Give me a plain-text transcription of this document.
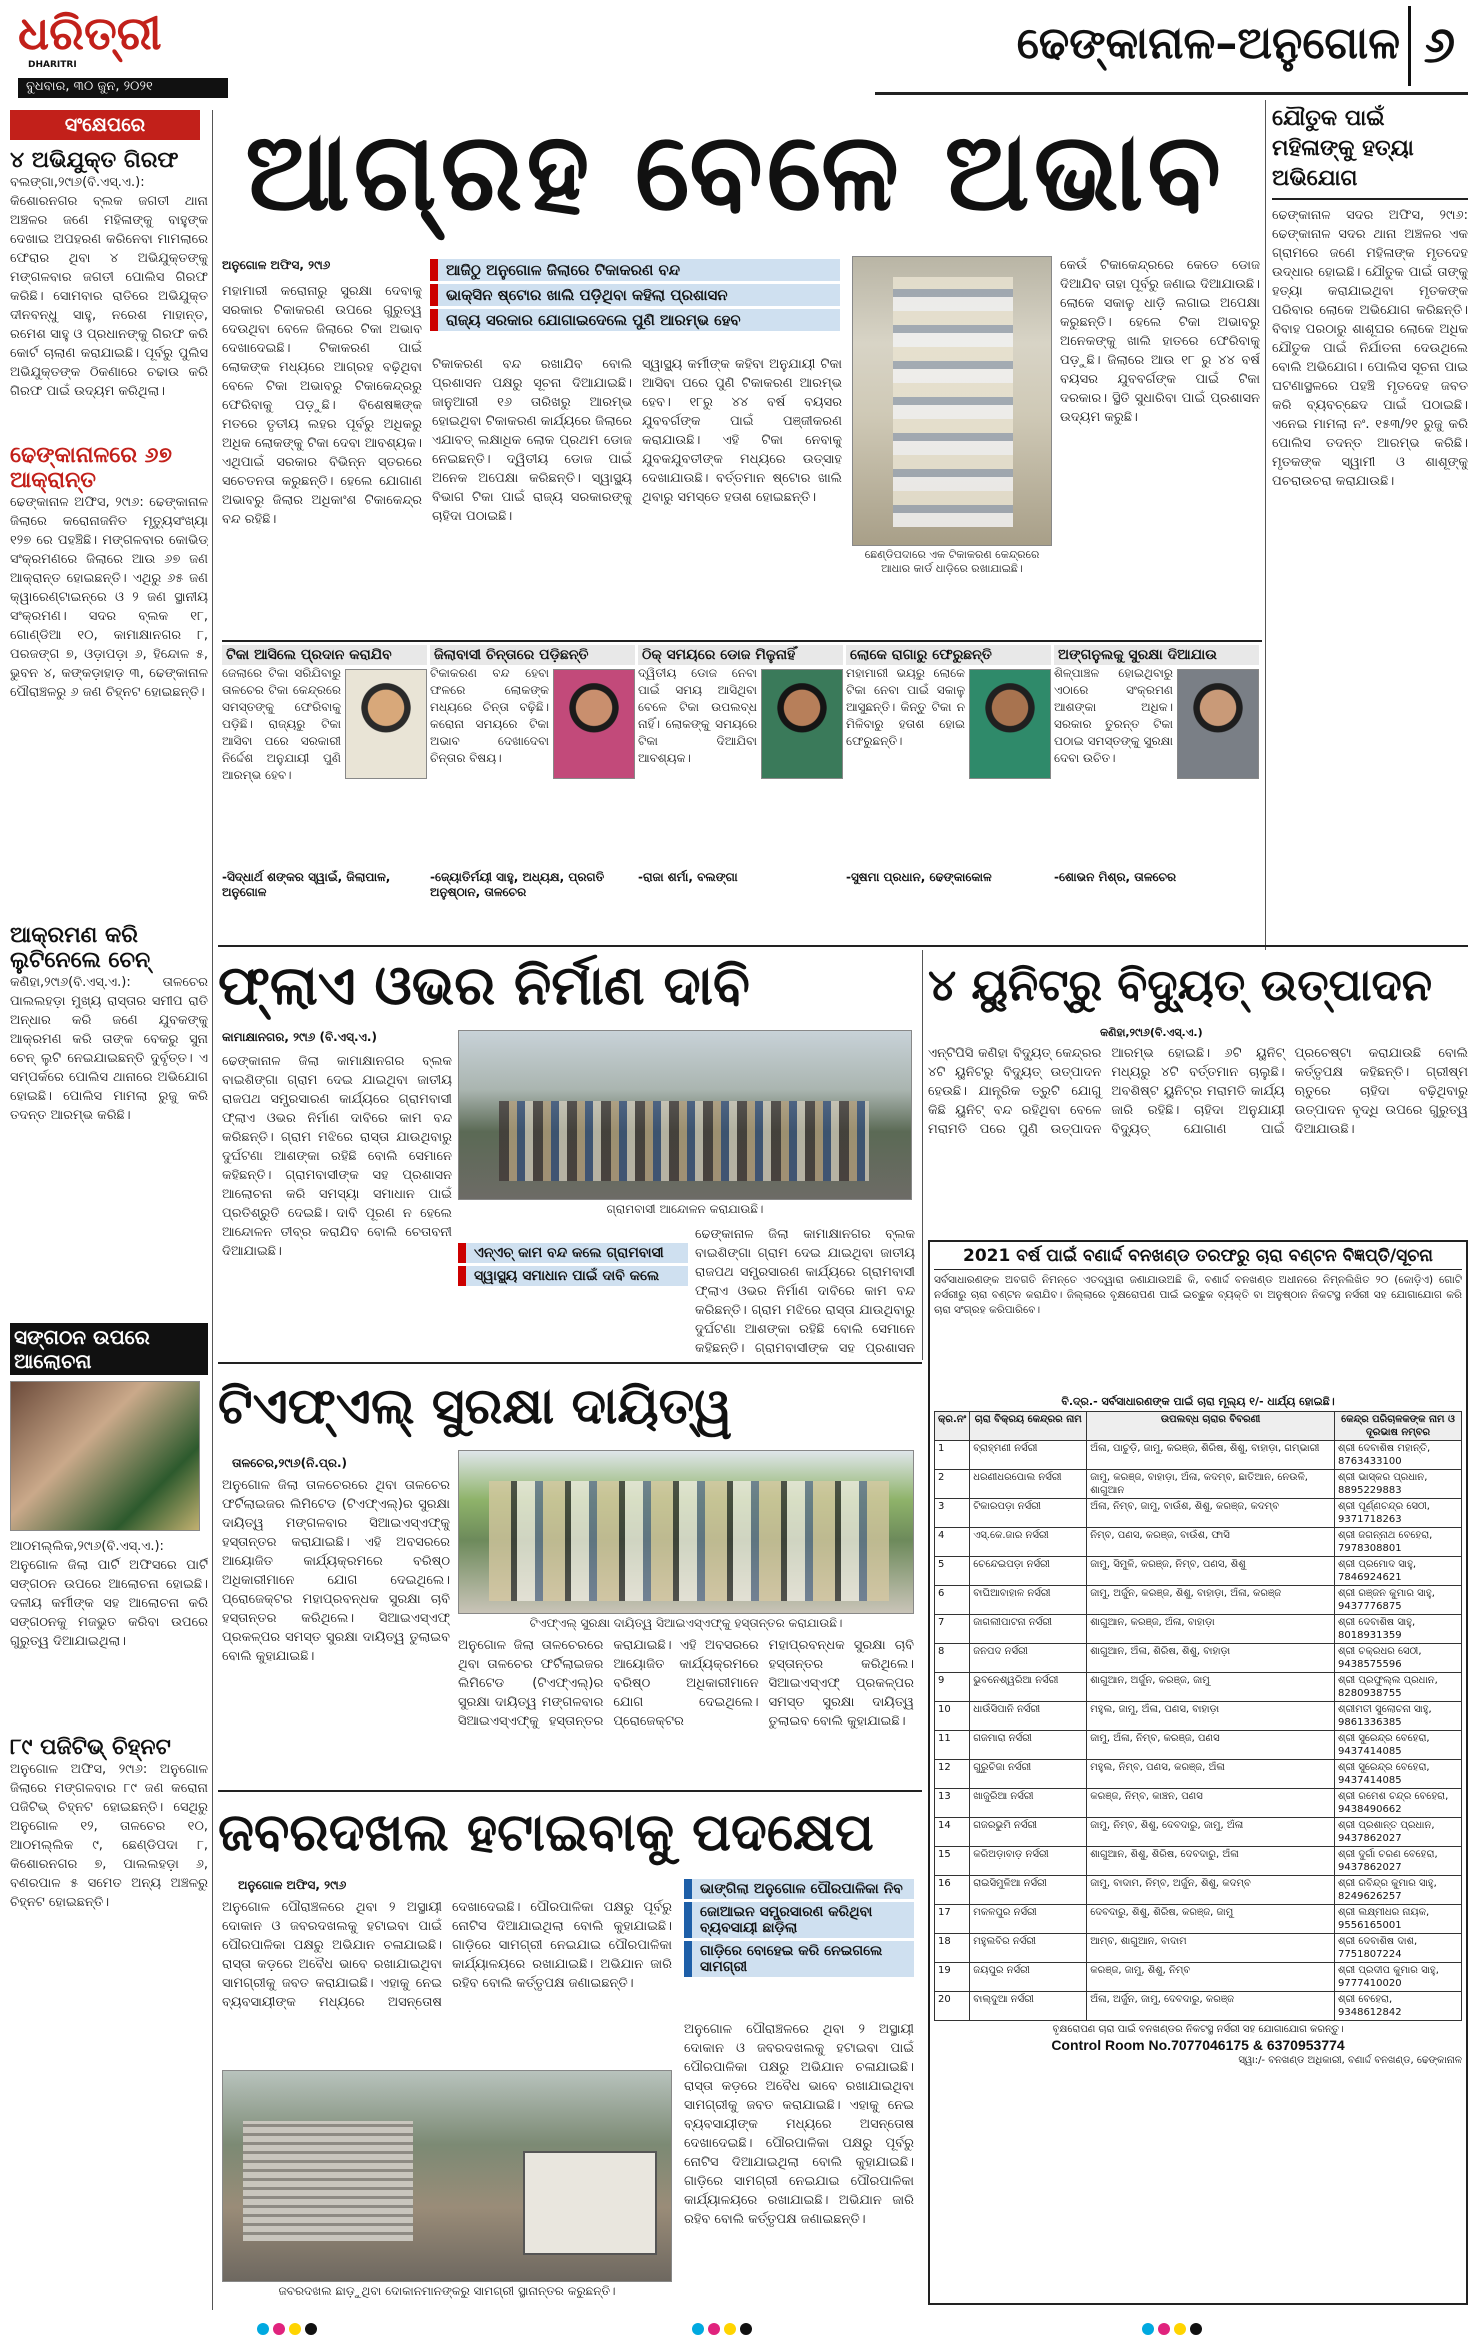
ଧରିତ୍ରୀ
DHARITRI
ବୁଧବାର, ୩୦ ଜୁନ, ୨୦୨୧
ଢେଙ୍କାନାଳ–ଅନୁଗୋଳ ୬
ସଂକ୍ଷେପରେ
୪ ଅଭିଯୁକ୍ତ ଗିରଫ
ବଲଙ୍ଗା,୨୯ା୬(ବି.ଏସ୍.ଏ.): କିଶୋରନଗର ବ୍ଲକ ଜଗତୀ ଥାନା ଅଞ୍ଚଳର ଜଣେ ମହିଳାଙ୍କୁ ବାହୁଙ୍କ ଦେଖାଇ ଅପହରଣ କରିନେବା ମାମଲାରେ ଫେରାର ଥିବା ୪ ଅଭିଯୁକ୍ତଙ୍କୁ ମଙ୍ଗଳବାର ଜଗତୀ ପୋଲିସ ଗିରଫ କରିଛି। ସୋମବାର ରାତିରେ ଅଭିଯୁକ୍ତ ଦୀନବନ୍ଧୁ ସାହୁ, ନରେଶ ମାହାନ୍ତ, ରମେଶ ସାହୁ ଓ ପ୍ରଧାନଙ୍କୁ ଗିରଫ କରି କୋର୍ଟ ଚାଲାଣ କରାଯାଇଛି। ପୂର୍ବରୁ ପୁଲିସ ଅଭିଯୁକ୍ତଙ୍କ ଠିକଣାରେ ଚଢାଉ କରି ଗିରଫ ପାଇଁ ଉଦ୍ୟମ କରିଥିଲା।
ଢେଙ୍କାନାଳରେ ୬୭ ଆକ୍ରାନ୍ତ
ଢେଙ୍କାନାଳ ଅଫିସ, ୨୯ା୬: ଢେଙ୍କାନାଳ ଜିଲାରେ କରୋନାଜନିତ ମୃତ୍ୟୁସଂଖ୍ୟା ୧୨୭ ରେ ପହଞ୍ଚିଛି। ମଙ୍ଗଳବାର କୋଭିଡ୍ ସଂକ୍ରମଣରେ ଜିଲାରେ ଆଉ ୬୭ ଜଣ ଆକ୍ରାନ୍ତ ହୋଇଛନ୍ତି। ଏଥିରୁ ୬୫ ଜଣ କ୍ୱାରେଣ୍ଟାଇନ୍‌ରେ ଓ ୨ ଜଣ ସ୍ଥାନୀୟ ସଂକ୍ରମଣ। ସଦର ବ୍ଲକ ୧୮, ଗୋଣ୍ଡିଆ ୧୦, କାମାକ୍ଷାନଗର ୮, ପରଜଙ୍ଗ ୭, ଓଡ଼ାପଡ଼ା ୬, ହିନ୍ଦୋଳ ୫, ଭୁବନ ୪, କଙ୍କଡ଼ାହାଡ଼ ୩, ଢେଙ୍କାନାଳ ପୌରାଞ୍ଚଳରୁ ୬ ଜଣ ଚିହ୍ନଟ ହୋଇଛନ୍ତି।
ଆକ୍ରମଣ କରି ଲୁଟିନେଲେ ଚେନ୍
କଣିହା,୨୯ା୬(ବି.ଏସ୍.ଏ.): ତାଳଚେର ପାଲଲହଡ଼ା ମୁଖ୍ୟ ରାସ୍ତାର ସମୀପ ରାତି ଅନ୍ଧାର କରି ଜଣେ ଯୁବକଙ୍କୁ ଆକ୍ରମଣ କରି ତାଙ୍କ ବେକରୁ ସୁନା ଚେନ୍ ଲୁଟି ନେଇଯାଇଛନ୍ତି ଦୁର୍ବୃତ୍ତ। ଏ ସମ୍ପର୍କରେ ପୋଲିସ ଥାନାରେ ଅଭିଯୋଗ ହୋଇଛି। ପୋଲିସ ମାମଲା ରୁଜୁ କରି ତଦନ୍ତ ଆରମ୍ଭ କରିଛି।
ସଙ୍ଗଠନ ଉପରେ ଆଲୋଚନା
ଆଠମଲ୍ଲିକ,୨୯ା୬(ବି.ଏସ୍.ଏ.): ଅନୁଗୋଳ ଜିଲା ପାର୍ଟି ଅଫିସରେ ପାର୍ଟି ସଙ୍ଗଠନ ଉପରେ ଆଲୋଚନା ହୋଇଛି। ଦଳୀୟ କର୍ମୀଙ୍କ ସହ ଆଲୋଚନା କରି ସଙ୍ଗଠନକୁ ମଜଭୁତ କରିବା ଉପରେ ଗୁରୁତ୍ୱ ଦିଆଯାଇଥିଲା।
୮୯ ପଜିଟିଭ୍ ଚିହ୍ନଟ
ଅନୁଗୋଳ ଅଫିସ, ୨୯ା୬: ଅନୁଗୋଳ ଜିଲାରେ ମଙ୍ଗଳବାର ୮୯ ଜଣ କରୋନା ପଜିଟିଭ୍ ଚିହ୍ନଟ ହୋଇଛନ୍ତି। ସେଥିରୁ ଅନୁଗୋଳ ୧୨, ତାଳଚେର ୧୦, ଆଠମଲ୍ଲିକ ୯, ଛେଣ୍ଡିପଦା ୮, କିଶୋରନଗର ୭, ପାଲଲହଡ଼ା ୬, ବଣରପାଳ ୫ ସମେତ ଅନ୍ୟ ଅଞ୍ଚଳରୁ ଚିହ୍ନଟ ହୋଇଛନ୍ତି।
ଆଗ୍ରହ ବେଳେ ଅଭାବ
ଅନୁଗୋଳ ଅଫିସ, ୨୯ା୬	ଆଜିଠୁ ଅନୁଗୋଳ ଜିଲାରେ ଟିକାକରଣ ବନ୍ଦ
ଭାକ୍ସିନ ଷ୍ଟୋର ଖାଲି ପଡ଼ିଥିବା କହିଲା ପ୍ରଶାସନ
ରାଜ୍ୟ ସରକାର ଯୋଗାଇଦେଲେ ପୁଣି ଆରମ୍ଭ ହେବ
ମହାମାରୀ କରୋନାରୁ ସୁରକ୍ଷା ଦେବାକୁ ସରକାର ଟିକାକରଣ ଉପରେ ଗୁରୁତ୍ୱ ଦେଉଥିବା ବେଳେ ଜିଲାରେ ଟିକା ଅଭାବ ଦେଖାଦେଇଛି। ଟିକାକରଣ ପାଇଁ ଲୋକଙ୍କ ମଧ୍ୟରେ ଆଗ୍ରହ ବଢ଼ିଥିବା ବେଳେ ଟିକା ଅଭାବରୁ ଟିକାକେନ୍ଦ୍ରରୁ ଫେରିବାକୁ ପଡ଼ୁଛି। ବିଶେଷଜ୍ଞଙ୍କ ମତରେ ତୃତୀୟ ଲହର ପୂର୍ବରୁ ଅଧିକରୁ ଅଧିକ ଲୋକଙ୍କୁ ଟିକା ଦେବା ଆବଶ୍ୟକ। ଏଥିପାଇଁ ସରକାର ବିଭିନ୍ନ ସ୍ତରରେ ସଚେତନତା କରୁଛନ୍ତି। ହେଲେ ଯୋଗାଣ ଅଭାବରୁ ଜିଲାର ଅଧିକାଂଶ ଟିକାକେନ୍ଦ୍ର ବନ୍ଦ ରହିଛି।
ଟିକାକରଣ ବନ୍ଦ ରଖାଯିବ ବୋଲି ପ୍ରଶାସନ ପକ୍ଷରୁ ସୂଚନା ଦିଆଯାଇଛି। ଜାନୁଆରୀ ୧୬ ତାରିଖରୁ ଆରମ୍ଭ ହୋଇଥିବା ଟିକାକରଣ କାର୍ଯ୍ୟରେ ଜିଲାରେ ଏଯାବତ୍ ଲକ୍ଷାଧିକ ଲୋକ ପ୍ରଥମ ଡୋଜ ନେଇଛନ୍ତି। ଦ୍ୱିତୀୟ ଡୋଜ ପାଇଁ ଅନେକ ଅପେକ୍ଷା କରିଛନ୍ତି। ସ୍ୱାସ୍ଥ୍ୟ ବିଭାଗ ଟିକା ପାଇଁ ରାଜ୍ୟ ସରକାରଙ୍କୁ ଚାହିଦା ପଠାଇଛି।
ସ୍ୱାସ୍ଥ୍ୟ କର୍ମୀଙ୍କ କହିବା ଅନୁଯାୟୀ ଟିକା ଆସିବା ପରେ ପୁଣି ଟିକାକରଣ ଆରମ୍ଭ ହେବ। ୧୮ରୁ ୪୪ ବର୍ଷ ବୟସର ଯୁବବର୍ଗଙ୍କ ପାଇଁ ପଞ୍ଜୀକରଣ କରାଯାଉଛି। ଏହି ଟିକା ନେବାକୁ ଯୁବକଯୁବତୀଙ୍କ ମଧ୍ୟରେ ଉତ୍ସାହ ଦେଖାଯାଉଛି। ବର୍ତ୍ତମାନ ଷ୍ଟୋର ଖାଲି ଥିବାରୁ ସମସ୍ତେ ହତାଶ ହୋଇଛନ୍ତି।
ଛେଣ୍ଡିପଦାରେ ଏକ ଟିକାକରଣ କେନ୍ଦ୍ରରେ ଆଧାର କାର୍ଡ ଧାଡ଼ିରେ ରଖାଯାଇଛି।
କେଉଁ ଟିକାକେନ୍ଦ୍ରରେ କେତେ ଡୋଜ ଦିଆଯିବ ତାହା ପୂର୍ବରୁ ଜଣାଇ ଦିଆଯାଉଛି। ଲୋକେ ସକାଳୁ ଧାଡ଼ି ଲଗାଇ ଅପେକ୍ଷା କରୁଛନ୍ତି। ହେଲେ ଟିକା ଅଭାବରୁ ଅନେକଙ୍କୁ ଖାଲି ହାତରେ ଫେରିବାକୁ ପଡ଼ୁଛି। ଜିଲାରେ ଆଉ ୧୮ ରୁ ୪୪ ବର୍ଷ ବୟସର ଯୁବବର୍ଗଙ୍କ ପାଇଁ ଟିକା ଦରକାର। ସ୍ଥିତି ସୁଧାରିବା ପାଇଁ ପ୍ରଶାସନ ଉଦ୍ୟମ କରୁଛି।
ଟିକା ଆସିଲେ ପ୍ରଦାନ କରାଯିବ
ଜେଲାରେ ଟିକା ସରିଯିବାରୁ ତାଳଚେର ଟିକା କେନ୍ଦ୍ରରେ ସମସ୍ତଙ୍କୁ ଫେରିବାକୁ ପଡ଼ିଛି। ରାଜ୍ୟରୁ ଟିକା ଆସିବା ପରେ ସରକାରୀ ନିର୍ଦ୍ଦେଶ ଅନୁଯାୟୀ ପୁଣି ଆରମ୍ଭ ହେବ।
-ସିଦ୍ଧାର୍ଥ ଶଙ୍କର ସ୍ୱାଇଁ, ଜିଲାପାଳ, ଅନୁଗୋଳ
ଜିଲାବାସୀ ଚିନ୍ତାରେ ପଡ଼ିଛନ୍ତି
ଟିକାକରଣ ବନ୍ଦ ହେବା ଫଳରେ ଲୋକଙ୍କ ମଧ୍ୟରେ ଚିନ୍ତା ବଢ଼ିଛି। କରୋନା ସମୟରେ ଟିକା ଅଭାବ ଦେଖାଦେବା ଚିନ୍ତାର ବିଷୟ।
-ଜ୍ୟୋତିର୍ମୟୀ ସାହୁ, ଅଧ୍ୟକ୍ଷ, ପ୍ରଗତି ଅନୁଷ୍ଠାନ, ତାଳଚେର
ଠିକ୍ ସମୟରେ ଡୋଜ ମିଳୁନାହିଁ
ଦ୍ୱିତୀୟ ଡୋଜ ନେବା ପାଇଁ ସମୟ ଆସିଥିବା ବେଳେ ଟିକା ଉପଲବ୍ଧ ନାହିଁ। ଲୋକଙ୍କୁ ସମୟରେ ଟିକା ଦିଆଯିବା ଆବଶ୍ୟକ।
-ରାଜା ଶର୍ମା, ବଲଙ୍ଗା
ଲୋକେ ରାଗାରୁ ଫେରୁଛନ୍ତି
ମହାମାରୀ ଭୟରୁ ଲୋକେ ଟିକା ନେବା ପାଇଁ ସକାଳୁ ଆସୁଛନ୍ତି। କିନ୍ତୁ ଟିକା ନ ମିଳିବାରୁ ହତାଶ ହୋଇ ଫେରୁଛନ୍ତି।
-ସୁଷମା ପ୍ରଧାନ, ଢେଙ୍କାକୋଳ
ଅଙ୍ଗନୁଲକୁ ସୁରକ୍ଷା ଦିଆଯାଉ
ଶିଳ୍ପାଞ୍ଚଳ ହୋଇଥିବାରୁ ଏଠାରେ ସଂକ୍ରମଣ ଆଶଙ୍କା ଅଧିକ। ସରକାର ତୁରନ୍ତ ଟିକା ପଠାଇ ସମସ୍ତଙ୍କୁ ସୁରକ୍ଷା ଦେବା ଉଚିତ।
-ଶୋଭନ ମିଶ୍ର, ତାଳଚେର
ଯୌତୁକ ପାଇଁ ମହିଳାଙ୍କୁ ହତ୍ୟା ଅଭିଯୋଗ
ଢେଙ୍କାନାଳ ସଦର ଅଫିସ, ୨୯ା୬: ଢେଙ୍କାନାଳ ସଦର ଥାନା ଅଞ୍ଚଳର ଏକ ଗ୍ରାମରେ ଜଣେ ମହିଳାଙ୍କ ମୃତଦେହ ଉଦ୍ଧାର ହୋଇଛି। ଯୌତୁକ ପାଇଁ ତାଙ୍କୁ ହତ୍ୟା କରାଯାଇଥିବା ମୃତକଙ୍କ ପରିବାର ଲୋକେ ଅଭିଯୋଗ କରିଛନ୍ତି। ବିବାହ ପରଠାରୁ ଶାଶୂଘର ଲୋକେ ଅଧିକ ଯୌତୁକ ପାଇଁ ନିର୍ଯାତନା ଦେଉଥିଲେ ବୋଲି ଅଭିଯୋଗ। ପୋଲିସ ସୂଚନା ପାଇ ଘଟଣାସ୍ଥଳରେ ପହଞ୍ଚି ମୃତଦେହ ଜବତ କରି ବ୍ୟବଚ୍ଛେଦ ପାଇଁ ପଠାଇଛି। ଏନେଇ ମାମଲା ନଂ. ୧୫୩/୨୧ ରୁଜୁ କରି ପୋଲିସ ତଦନ୍ତ ଆରମ୍ଭ କରିଛି। ମୃତକଙ୍କ ସ୍ୱାମୀ ଓ ଶାଶୂଙ୍କୁ ପଚରାଉଚରା କରାଯାଉଛି।
ଫ୍ଲାଏ ଓଭର ନିର୍ମାଣ ଦାବି
କାମାକ୍ଷାନଗର, ୨୯ା୬ (ବି.ଏସ୍.ଏ.)
ଢେଙ୍କାନାଳ ଜିଲା କାମାକ୍ଷାନଗର ବ୍ଲକ ବାଇଶିଙ୍ଗା ଗ୍ରାମ ଦେଇ ଯାଇଥିବା ଜାତୀୟ ରାଜପଥ ସମ୍ପ୍ରସାରଣ କାର୍ଯ୍ୟରେ ଗ୍ରାମବାସୀ ଫ୍ଲାଏ ଓଭର ନିର୍ମାଣ ଦାବିରେ କାମ ବନ୍ଦ କରିଛନ୍ତି। ଗ୍ରାମ ମଝିରେ ରାସ୍ତା ଯାଉଥିବାରୁ ଦୁର୍ଘଟଣା ଆଶଙ୍କା ରହିଛି ବୋଲି ସେମାନେ କହିଛନ୍ତି। ଗ୍ରାମବାସୀଙ୍କ ସହ ପ୍ରଶାସନ ଆଲୋଚନା କରି ସମସ୍ୟା ସମାଧାନ ପାଇଁ ପ୍ରତିଶ୍ରୁତି ଦେଇଛି। ଦାବି ପୂରଣ ନ ହେଲେ ଆନ୍ଦୋଳନ ତୀବ୍ର କରାଯିବ ବୋଲି ଚେତାବନୀ ଦିଆଯାଇଛି।
ଗ୍ରାମବାସୀ ଆନ୍ଦୋଳନ କରାଯାଉଛି।
ଏନ୍‌ଏଚ୍ କାମ ବନ୍ଦ କଲେ ଗ୍ରାମବାସୀ
ସ୍ୱାସ୍ଥ୍ୟ ସମାଧାନ ପାଇଁ ଦାବି କଲେ
ଢେଙ୍କାନାଳ ଜିଲା କାମାକ୍ଷାନଗର ବ୍ଲକ ବାଇଶିଙ୍ଗା ଗ୍ରାମ ଦେଇ ଯାଇଥିବା ଜାତୀୟ ରାଜପଥ ସମ୍ପ୍ରସାରଣ କାର୍ଯ୍ୟରେ ଗ୍ରାମବାସୀ ଫ୍ଲାଏ ଓଭର ନିର୍ମାଣ ଦାବିରେ କାମ ବନ୍ଦ କରିଛନ୍ତି। ଗ୍ରାମ ମଝିରେ ରାସ୍ତା ଯାଉଥିବାରୁ ଦୁର୍ଘଟଣା ଆଶଙ୍କା ରହିଛି ବୋଲି ସେମାନେ କହିଛନ୍ତି। ଗ୍ରାମବାସୀଙ୍କ ସହ ପ୍ରଶାସନ
୪ ୟୁନିଟ୍‌ରୁ ବିଦ୍ୟୁତ୍ ଉତ୍ପାଦନ
କଣିହା,୨୯ା୬(ବି.ଏସ୍.ଏ.)
ଏନ୍‌ଟିପିସି କଣିହା ବିଦ୍ୟୁତ୍ କେନ୍ଦ୍ରର ୪ଟି ୟୁନିଟରୁ ବିଦ୍ୟୁତ୍ ଉତ୍ପାଦନ ହେଉଛି। ଯାନ୍ତ୍ରିକ ତ୍ରୁଟି ଯୋଗୁ କିଛି ୟୁନିଟ୍ ବନ୍ଦ ରହିଥିବା ବେଳେ ମରାମତି ପରେ ପୁଣି ଉତ୍ପାଦନ ଆରମ୍ଭ ହୋଇଛି। ୬ଟି ୟୁନିଟ୍ ମଧ୍ୟରୁ ୪ଟି ବର୍ତ୍ତମାନ ଚାଲୁଛି। ଅବଶିଷ୍ଟ ୟୁନିଟ୍‌ର ମରାମତି କାର୍ଯ୍ୟ ଜାରି ରହିଛି। ଚାହିଦା ଅନୁଯାୟୀ ବିଦ୍ୟୁତ୍ ଯୋଗାଣ ପାଇଁ ପ୍ରଚେଷ୍ଟା କରାଯାଉଛି ବୋଲି କର୍ତ୍ତୃପକ୍ଷ କହିଛନ୍ତି। ଗ୍ରୀଷ୍ମ ଋତୁରେ ଚାହିଦା ବଢ଼ିଥିବାରୁ ଉତ୍ପାଦନ ବୃଦ୍ଧି ଉପରେ ଗୁରୁତ୍ୱ ଦିଆଯାଉଛି।
2021 ବର୍ଷ ପାଇଁ ବଣାର୍ଦ୍ଦ ବନଖଣ୍ଡ ତରଫରୁ ଚାରା ବଣ୍ଟନ ବିଜ୍ଞପ୍ତି/ସୂଚନା
ସର୍ବସାଧାରଣଙ୍କ ଅବଗତି ନିମନ୍ତେ ଏତଦ୍ୱାରା ଜଣାଯାଉଅଛି କି, ବଣାର୍ଦ୍ଦ ବନଖଣ୍ଡ ଅଧୀନରେ ନିମ୍ନଲିଖିତ ୨୦ (କୋଡ଼ିଏ) ଗୋଟି ନର୍ସରୀରୁ ଚାରା ବଣ୍ଟନ କରାଯିବ। ଜିଲ୍ଲାରେ ବୃକ୍ଷରୋପଣ ପାଇଁ ଇଚ୍ଛୁକ ବ୍ୟକ୍ତି ବା ଅନୁଷ୍ଠାନ ନିକଟସ୍ଥ ନର୍ସରୀ ସହ ଯୋଗାଯୋଗ କରି ଚାରା ସଂଗ୍ରହ କରିପାରିବେ।
ବି.ଦ୍ର.- ସର୍ବସାଧାରଣଙ୍କ ପାଇଁ ଚାରା ମୂଲ୍ୟ ୧/- ଧାର୍ଯ୍ୟ ହୋଇଛି।
କ୍ର.ନଂ	ଚାରା ବିକ୍ରୟ କେନ୍ଦ୍ରର ନାମ	ଉପଲବ୍ଧ ଚାରାର ବିବରଣୀ	କେନ୍ଦ୍ର ପରିଚାଳକଙ୍କ ନାମ ଓ ଦୂରଭାଷ ନମ୍ବର
1	ବ୍ରାହ୍ମଣୀ ନର୍ସରୀ	ଅଁଳା, ପାଚୁଡ଼ି, ଜାମୁ, କରଞ୍ଜ, ଶିରିଷ, ଶିଶୁ, ବାହାଡ଼ା, ଗମ୍ଭାରୀ	ଶ୍ରୀ ଦେବାଶିଷ ମହାନ୍ତି, 8763433100
2	ଧରଣୀଧରପୋଲ ନର୍ସରୀ	ଜାମୁ, କରଞ୍ଜ, ବାହାଡ଼ା, ଅଁଳା, କଦମ୍ବ, ଛାତିଆନ, ନେଉଳି, ଶାଗୁଆନ	ଶ୍ରୀ ଭାସ୍କର ପ୍ରଧାନ, 8895229883
3	ଟିକାରପଡ଼ା ନର୍ସରୀ	ଅଁଳା, ନିମ୍ବ, ଜାମୁ, ବାଉଁଶ, ଶିଶୁ, କରଞ୍ଜ, କଦମ୍ବ	ଶ୍ରୀ ପୂର୍ଣ୍ଣଚନ୍ଦ୍ର ସେଠୀ, 9371718263
4	ଏସ୍.କେ.ଜାର ନର୍ସରୀ	ନିମ୍ବ, ପଣସ, କରଞ୍ଜ, ବାଉଁଶ, ଫାସି	ଶ୍ରୀ ଜଗନ୍ନାଥ ବେହେରା, 7978308801
5	ଚେନ୍ଦେଇପଡ଼ା ନର୍ସରୀ	ଜାମୁ, ସିମୁଳି, କରଞ୍ଜ, ନିମ୍ବ, ପଣସ, ଶିଶୁ	ଶ୍ରୀ ପ୍ରମୋଦ ସାହୁ, 7846924621
6	ବାଘିଆବାହାଳ ନର୍ସରୀ	ଜାମୁ, ଅର୍ଜୁନ, କରଞ୍ଜ, ଶିଶୁ, ବାହାଡ଼ା, ଅଁଳା, କରଞ୍ଜ	ଶ୍ରୀ ରଞ୍ଜନ କୁମାର ସାହୁ, 9437776875
7	ଜାଗଲୀପାଟନା ନର୍ସରୀ	ଶାଗୁଆନ, କରଞ୍ଜ, ଅଁଳା, ବାହାଡ଼ା	ଶ୍ରୀ ଦେବାଶିଷ ସାହୁ, 8018931359
8	ଜନପଦ ନର୍ସରୀ	ଶାଗୁଆନ, ଅଁଳା, ଶିରିଷ, ଶିଶୁ, ବାହାଡ଼ା	ଶ୍ରୀ ଚକ୍ରଧର ସେଠୀ, 9438575596
9	ଭୁବନେଶ୍ୱରିଆ ନର୍ସରୀ	ଶାଗୁଆନ, ଅର୍ଜୁନ, କରଞ୍ଜ, ଜାମୁ	ଶ୍ରୀ ପ୍ରଫୁଲ୍ଲ ପ୍ରଧାନ, 8280938755
10	ଧାଉଁସିପାନି ନର୍ସରୀ	ମହୁଲ, ଜାମୁ, ଅଁଳା, ପଣସ, ବାହାଡ଼ା	ଶ୍ରୀମତୀ ସୁଲୋଚନା ସାହୁ, 9861336385
11	ଗଜମାରା ନର୍ସରୀ	ଜାମୁ, ଅଁଳା, ନିମ୍ବ, କରଞ୍ଜ, ପଣସ	ଶ୍ରୀ ସୁରେନ୍ଦ୍ର ବେହେରା, 9437414085
12	ଗୁରୁଚିଜା ନର୍ସରୀ	ମହୁଲ, ନିମ୍ବ, ପଣସ, କରଞ୍ଜ, ଅଁଳା	ଶ୍ରୀ ସୁରେନ୍ଦ୍ର ବେହେରା, 9437414085
13	ଖାଜୁରିଆ ନର୍ସରୀ	କରଞ୍ଜ, ନିମ୍ବ, କାଞ୍ଚନ, ପଣସ	ଶ୍ରୀ ରମେଶ ଚନ୍ଦ୍ର ବେହେରା, 9438490662
14	ଗଜରଭୁମି ନର୍ସରୀ	ଜାମୁ, ନିମ୍ବ, ଶିଶୁ, ଦେବଦାରୁ, ଜାମୁ, ଅଁଳା	ଶ୍ରୀ ପ୍ରଶାନ୍ତ ପ୍ରଧାନ, 9437862027
15	କରିଅଡ଼ାବାଡ଼ ନର୍ସରୀ	ଶାଗୁଆନ, ଶିଶୁ, ଶିରିଷ, ଦେବଦାରୁ, ଅଁଳା	ଶ୍ରୀ ଦୁର୍ଗା ଚରଣ ବେହେରା, 9437862027
16	ରାଇସିମୁଳିଆ ନର୍ସରୀ	ଜାମୁ, ବାଦାମ, ନିମ୍ବ, ଅର୍ଜୁନ, ଶିଶୁ, କଦମ୍ବ	ଶ୍ରୀ ରବିନ୍ଦ୍ର କୁମାର ସାହୁ, 8249626257
17	ମକଳପୁର ନର୍ସରୀ	ଦେବଦାରୁ, ଶିଶୁ, ଶିରିଷ, କରଞ୍ଜ, ଜାମୁ	ଶ୍ରୀ ଲକ୍ଷ୍ମୀଧର ନାୟକ, 9556165001
18	ମହୁଲବିର ନର୍ସରୀ	ଆମ୍ବ, ଶାଗୁଆନ, ବାଦାମ	ଶ୍ରୀ ଦେବାଶିଷ ଦାଶ, 7751807224
19	ଜୟପୁର ନର୍ସରୀ	କରଞ୍ଜ, ଜାମୁ, ଶିଶୁ, ନିମ୍ବ	ଶ୍ରୀ ପ୍ରଦୀପ କୁମାର ସାହୁ, 9777410020
20	ବାଲ୍ଦୁଆ ନର୍ସରୀ	ଅଁଳା, ଅର୍ଜୁନ, ଜାମୁ, ଦେବଦାରୁ, କରଞ୍ଜ	ଶ୍ରୀ ବେହେରା, 9348612842
ବୃକ୍ଷରୋପଣ ଚାରା ପାଇଁ ବନଖଣ୍ଡର ନିକଟସ୍ଥ ନର୍ସରୀ ସହ ଯୋଗାଯୋଗ କରନ୍ତୁ।
Control Room No.7077046175 & 6370953774
ସ୍ୱା:/- ବନଖଣ୍ଡ ଅଧିକାରୀ, ବଣାର୍ଦ୍ଦ ବନଖଣ୍ଡ, ଢେଙ୍କାନାଳ
ଟିଏଫ୍‌ଏଲ୍ ସୁରକ୍ଷା ଦାୟିତ୍ୱ
ତାଳଚେର,୨୯ା୬(ନି.ପ୍ର.)
ଅନୁଗୋଳ ଜିଲା ତାଳଚେରରେ ଥିବା ତାଳଚେର ଫର୍ଟିଲାଇଜର ଲିମିଟେଡ (ଟିଏଫ୍‌ଏଲ୍)ର ସୁରକ୍ଷା ଦାୟିତ୍ୱ ମଙ୍ଗଳବାର ସିଆଇଏସ୍‌ଏଫ୍‌କୁ ହସ୍ତାନ୍ତର କରାଯାଇଛି। ଏହି ଅବସରରେ ଆୟୋଜିତ କାର୍ଯ୍ୟକ୍ରମରେ ବରିଷ୍ଠ ଅଧିକାରୀମାନେ ଯୋଗ ଦେଇଥିଲେ। ପ୍ରୋଜେକ୍ଟର ମହାପ୍ରବନ୍ଧକ ସୁରକ୍ଷା ଚାବି ହସ୍ତାନ୍ତର କରିଥିଲେ। ସିଆଇଏସ୍‌ଏଫ୍ ପ୍ରକଳ୍ପର ସମସ୍ତ ସୁରକ୍ଷା ଦାୟିତ୍ୱ ତୁଲାଇବ ବୋଲି କୁହାଯାଇଛି।
ଟିଏଫ୍‌ଏଲ୍ ସୁରକ୍ଷା ଦାୟିତ୍ୱ ସିଆଇଏସ୍‌ଏଫ୍‌କୁ ହସ୍ତାନ୍ତର କରାଯାଉଛି।
ଅନୁଗୋଳ ଜିଲା ତାଳଚେରରେ ଥିବା ତାଳଚେର ଫର୍ଟିଲାଇଜର ଲିମିଟେଡ (ଟିଏଫ୍‌ଏଲ୍)ର ସୁରକ୍ଷା ଦାୟିତ୍ୱ ମଙ୍ଗଳବାର ସିଆଇଏସ୍‌ଏଫ୍‌କୁ ହସ୍ତାନ୍ତର କରାଯାଇଛି। ଏହି ଅବସରରେ ଆୟୋଜିତ କାର୍ଯ୍ୟକ୍ରମରେ ବରିଷ୍ଠ ଅଧିକାରୀମାନେ ଯୋଗ ଦେଇଥିଲେ। ପ୍ରୋଜେକ୍ଟର ମହାପ୍ରବନ୍ଧକ ସୁରକ୍ଷା ଚାବି ହସ୍ତାନ୍ତର କରିଥିଲେ। ସିଆଇଏସ୍‌ଏଫ୍ ପ୍ରକଳ୍ପର ସମସ୍ତ ସୁରକ୍ଷା ଦାୟିତ୍ୱ ତୁଲାଇବ ବୋଲି କୁହାଯାଇଛି।
ଜବରଦଖଲ ହଟାଇବାକୁ ପଦକ୍ଷେପ
ଅନୁଗୋଳ ଅଫିସ, ୨୯ା୬
ଅନୁଗୋଳ ପୌରାଞ୍ଚଳରେ ଥିବା ୨ ଅସ୍ଥାୟୀ ଦୋକାନ ଓ ଜବରଦଖଲକୁ ହଟାଇବା ପାଇଁ ପୌରପାଳିକା ପକ୍ଷରୁ ଅଭିଯାନ ଚଳାଯାଇଛି। ରାସ୍ତା କଡ଼ରେ ଅବୈଧ ଭାବେ ରଖାଯାଇଥିବା ସାମଗ୍ରୀକୁ ଜବତ କରାଯାଇଛି। ଏହାକୁ ନେଇ ବ୍ୟବସାୟୀଙ୍କ ମଧ୍ୟରେ ଅସନ୍ତୋଷ ଦେଖାଦେଇଛି। ପୌରପାଳିକା ପକ୍ଷରୁ ପୂର୍ବରୁ ନୋଟିସ ଦିଆଯାଇଥିଲା ବୋଲି କୁହାଯାଇଛି। ଗାଡ଼ିରେ ସାମଗ୍ରୀ ନେଇଯାଇ ପୌରପାଳିକା କାର୍ଯ୍ୟାଳୟରେ ରଖାଯାଇଛି। ଅଭିଯାନ ଜାରି ରହିବ ବୋଲି କର୍ତ୍ତୃପକ୍ଷ ଜଣାଇଛନ୍ତି।
ଭାଙ୍ଗିଲା ଅନୁଗୋଳ ପୌରପାଳିକା ନିବ
ଜୋଆଇନ ସମ୍ପ୍ରସାରଣ କରିଥିବା ବ୍ୟବସାୟୀ ଛାଡ଼ିଲା
ଗାଡ଼ିରେ ବୋହେଇ କରି ନେଇଗଲେ ସାମଗ୍ରୀ
ଜବରଦଖଲ ଛାଡ଼ୁଥିବା ଦୋକାନମାନଙ୍କରୁ ସାମଗ୍ରୀ ସ୍ଥାନାନ୍ତର କରୁଛନ୍ତି।
ଅନୁଗୋଳ ପୌରାଞ୍ଚଳରେ ଥିବା ୨ ଅସ୍ଥାୟୀ ଦୋକାନ ଓ ଜବରଦଖଲକୁ ହଟାଇବା ପାଇଁ ପୌରପାଳିକା ପକ୍ଷରୁ ଅଭିଯାନ ଚଳାଯାଇଛି। ରାସ୍ତା କଡ଼ରେ ଅବୈଧ ଭାବେ ରଖାଯାଇଥିବା ସାମଗ୍ରୀକୁ ଜବତ କରାଯାଇଛି। ଏହାକୁ ନେଇ ବ୍ୟବସାୟୀଙ୍କ ମଧ୍ୟରେ ଅସନ୍ତୋଷ ଦେଖାଦେଇଛି। ପୌରପାଳିକା ପକ୍ଷରୁ ପୂର୍ବରୁ ନୋଟିସ ଦିଆଯାଇଥିଲା ବୋଲି କୁହାଯାଇଛି। ଗାଡ଼ିରେ ସାମଗ୍ରୀ ନେଇଯାଇ ପୌରପାଳିକା କାର୍ଯ୍ୟାଳୟରେ ରଖାଯାଇଛି। ଅଭିଯାନ ଜାରି ରହିବ ବୋଲି କର୍ତ୍ତୃପକ୍ଷ ଜଣାଇଛନ୍ତି।
